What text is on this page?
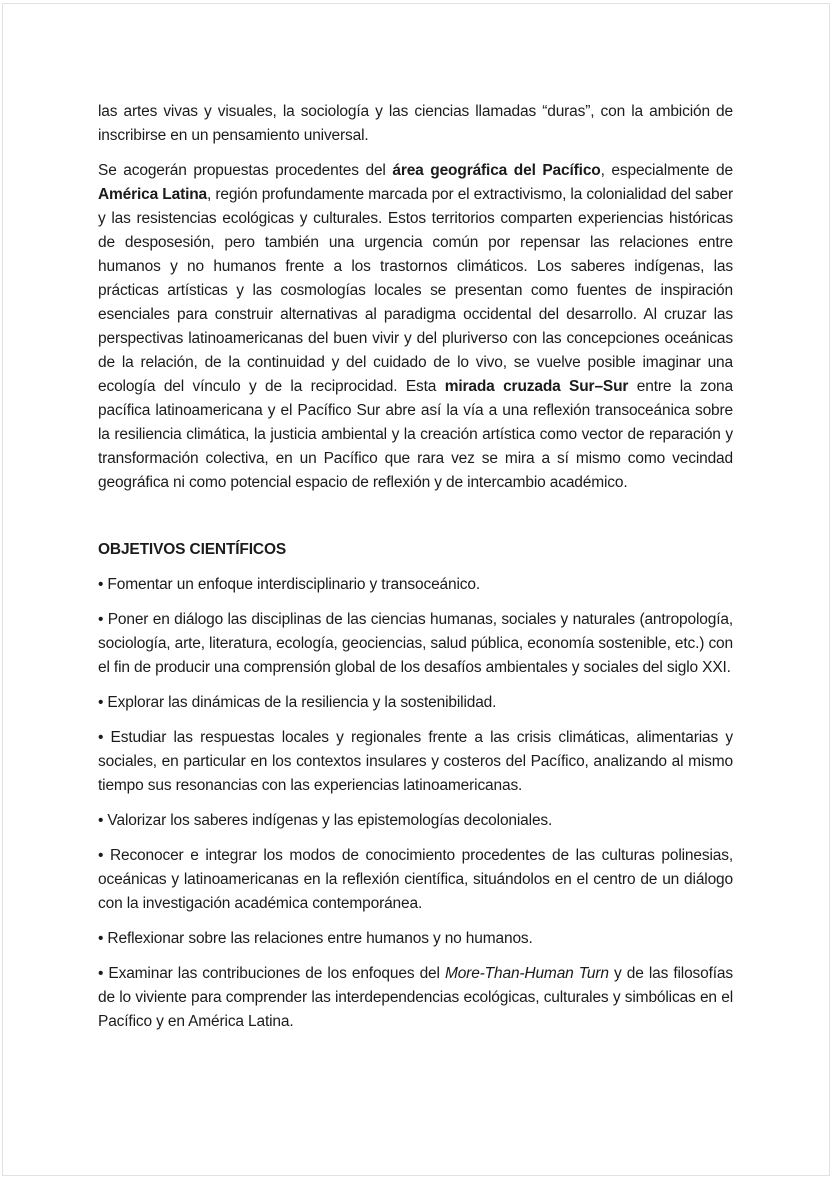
las artes vivas y visuales, la sociología y las ciencias llamadas “duras”, con la ambición de inscribirse en un pensamiento universal.

Se acogerán propuestas procedentes del área geográfica del Pacífico, especialmente de América Latina, región profundamente marcada por el extractivismo, la colonialidad del saber y las resistencias ecológicas y culturales. Estos territorios comparten experiencias históricas de desposesión, pero también una urgencia común por repensar las relaciones entre humanos y no humanos frente a los trastornos climáticos. Los saberes indígenas, las prácticas artísticas y las cosmologías locales se presentan como fuentes de inspiración esenciales para construir alternativas al paradigma occidental del desarrollo. Al cruzar las perspectivas latinoamericanas del buen vivir y del pluriverso con las concepciones oceánicas de la relación, de la continuidad y del cuidado de lo vivo, se vuelve posible imaginar una ecología del vínculo y de la reciprocidad. Esta mirada cruzada Sur–Sur entre la zona pacífica latinoamericana y el Pacífico Sur abre así la vía a una reflexión transoceánica sobre la resiliencia climática, la justicia ambiental y la creación artística como vector de reparación y transformación colectiva, en un Pacífico que rara vez se mira a sí mismo como vecindad geográfica ni como potencial espacio de reflexión y de intercambio académico.

OBJETIVOS CIENTÍFICOS

• Fomentar un enfoque interdisciplinario y transoceánico.

• Poner en diálogo las disciplinas de las ciencias humanas, sociales y naturales (antropología, sociología, arte, literatura, ecología, geociencias, salud pública, economía sostenible, etc.) con el fin de producir una comprensión global de los desafíos ambientales y sociales del siglo XXI.

• Explorar las dinámicas de la resiliencia y la sostenibilidad.

• Estudiar las respuestas locales y regionales frente a las crisis climáticas, alimentarias y sociales, en particular en los contextos insulares y costeros del Pacífico, analizando al mismo tiempo sus resonancias con las experiencias latinoamericanas.

• Valorizar los saberes indígenas y las epistemologías decoloniales.

• Reconocer e integrar los modos de conocimiento procedentes de las culturas polinesias, oceánicas y latinoamericanas en la reflexión científica, situándolos en el centro de un diálogo con la investigación académica contemporánea.

• Reflexionar sobre las relaciones entre humanos y no humanos.

• Examinar las contribuciones de los enfoques del More-Than-Human Turn y de las filosofías de lo viviente para comprender las interdependencias ecológicas, culturales y simbólicas en el Pacífico y en América Latina.
